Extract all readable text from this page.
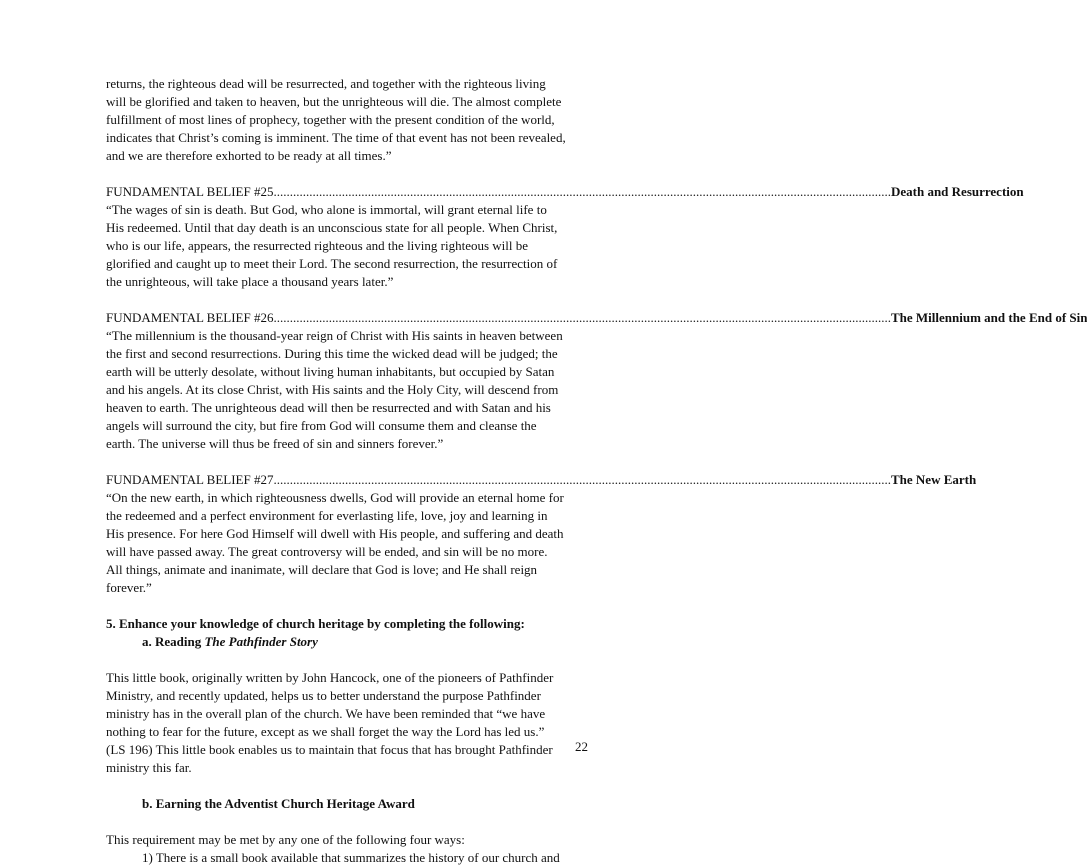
returns, the righteous dead will be resurrected, and together with the righteous living will be glorified and taken to heaven, but the unrighteous will die. The almost complete fulfillment of most lines of prophecy, together with the present condition of the world, indicates that Christ’s coming is imminent. The time of that event has not been revealed, and we are therefore exhorted to be ready at all times.”

FUNDAMENTAL BELIEF #25 .............................................................................................................................................................................................. Death and Resurrection

“The wages of sin is death. But God, who alone is immortal, will grant eternal life to His redeemed. Until that day death is an unconscious state for all people. When Christ, who is our life, appears, the resurrected righteous and the living righteous will be glorified and caught up to meet their Lord. The second resurrection, the resurrection of the unrighteous, will take place a thousand years later.”

FUNDAMENTAL BELIEF #26 .............................................................................................................................................................................................. The Millennium and the End of Sin

“The millennium is the thousand-year reign of Christ with His saints in heaven between the first and second resurrections. During this time the wicked dead will be judged; the earth will be utterly desolate, without living human inhabitants, but occupied by Satan and his angels. At its close Christ, with His saints and the Holy City, will descend from heaven to earth. The unrighteous dead will then be resurrected and with Satan and his angels will surround the city, but fire from God will consume them and cleanse the earth. The universe will thus be freed of sin and sinners forever.”

FUNDAMENTAL BELIEF #27 .............................................................................................................................................................................................. The New Earth

“On the new earth, in which righteousness dwells, God will provide an eternal home for the redeemed and a perfect environment for everlasting life, love, joy and learning in His presence. For here God Himself will dwell with His people, and suffering and death will have passed away. The great controversy will be ended, and sin will be no more. All things, animate and inanimate, will declare that God is love; and He shall reign forever.”

5. Enhance your knowledge of church heritage by completing the following:
a. Reading The Pathfinder Story

This little book, originally written by John Hancock, one of the pioneers of Pathfinder Ministry, and recently updated, helps us to better understand the purpose Pathfinder ministry has in the overall plan of the church. We have been reminded that “we have nothing to fear for the future, except as we shall forget the way the Lord has led us.” (LS 196) This little book enables us to maintain that focus that has brought Pathfinder ministry this far.

b. Earning the Adventist Church Heritage Award

This requirement may be met by any one of the following four ways:

1) There is a small book available that summarizes the history of our church and
22
